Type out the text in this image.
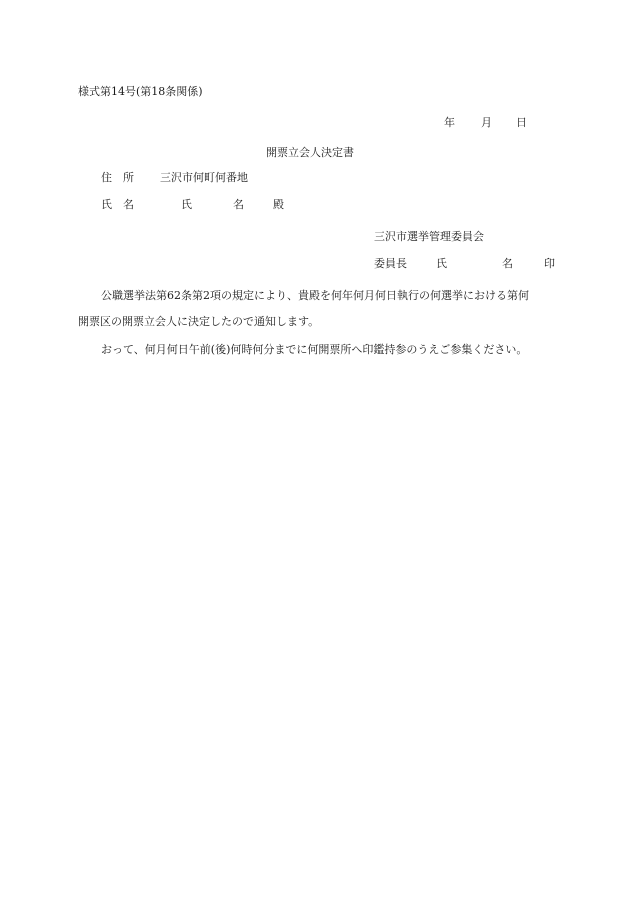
様式第14号(第18条関係)
年 月 日
開票立会人決定書
住　所 三沢市何町何番地
氏　名	氏	名	殿
三沢市選挙管理委員会
委員長	氏	名	印
公職選挙法第62条第2項の規定により、貴殿を何年何月何日執行の何選挙における第何
開票区の開票立会人に決定したので通知します。
おって、何月何日午前(後)何時何分までに何開票所へ印鑑持参のうえご参集ください。
